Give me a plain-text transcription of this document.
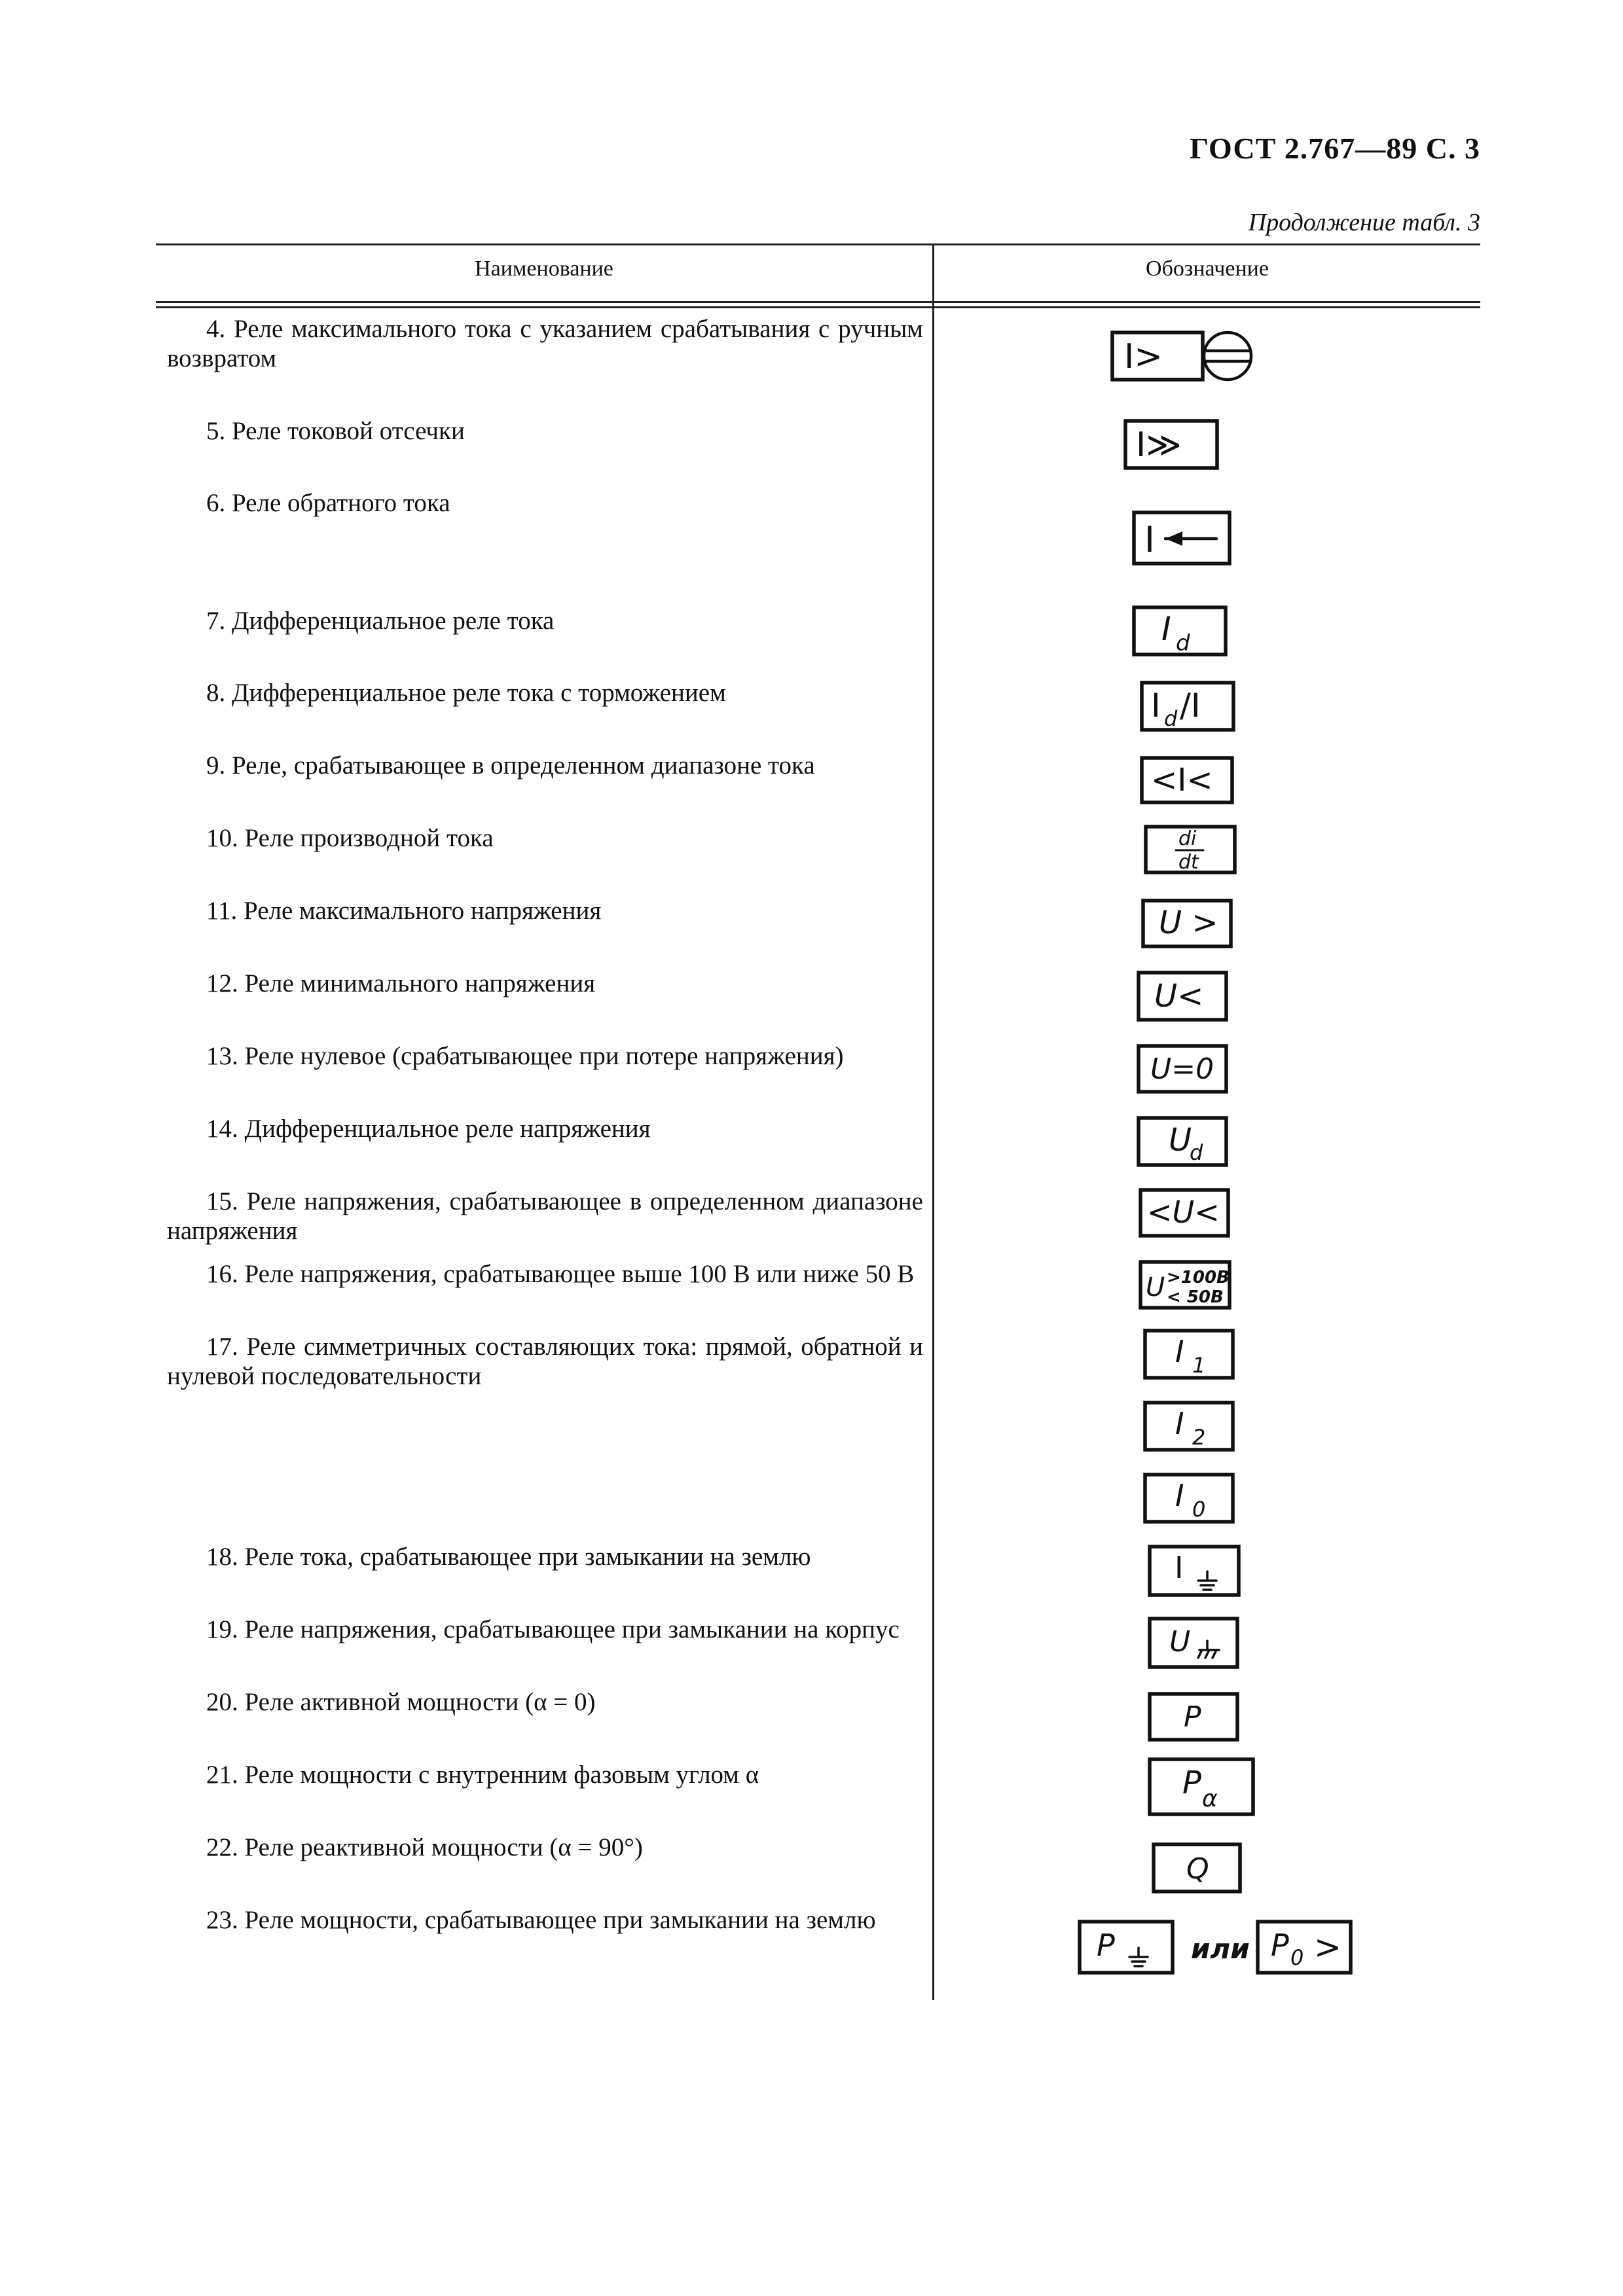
ГОСТ 2.767—89 С. 3
Продолжение табл. 3
Наименование	Обозначение
4. Реле максимального тока с указанием срабатывания с ручным возвратом
5. Реле токовой отсечки
6. Реле обратного тока
7. Дифференциальное реле тока
8. Дифференциальное реле тока с торможением
9. Реле, срабатывающее в определенном диапазоне тока
10. Реле производной тока
11. Реле максимального напряжения
12. Реле минимального напряжения
13. Реле нулевое (срабатывающее при потере напряжения)
14. Дифференциальное реле напряжения
15. Реле напряжения, срабатывающее в определенном диапазоне напряжения
16. Реле напряжения, срабатывающее выше 100 В или ниже 50 В
17. Реле симметричных составляющих тока: прямой, обратной и нулевой последовательности
18. Реле тока, срабатывающее при замыкании на землю
19. Реле напряжения, срабатывающее при замыкании на корпус
20. Реле активной мощности (α = 0)
21. Реле мощности с внутренним фазовым углом α
22. Реле реактивной мощности (α = 90°)
23. Реле мощности, срабатывающее при замыкании на землю
I>
I≫
I
I d
I d /I
<I<
di
dt
U >
U<
U=0
U
d
<U<
U >100В
< 50В
I 1
I 2
I 0
I
U
P
P α
Q
P	или P 0 >
